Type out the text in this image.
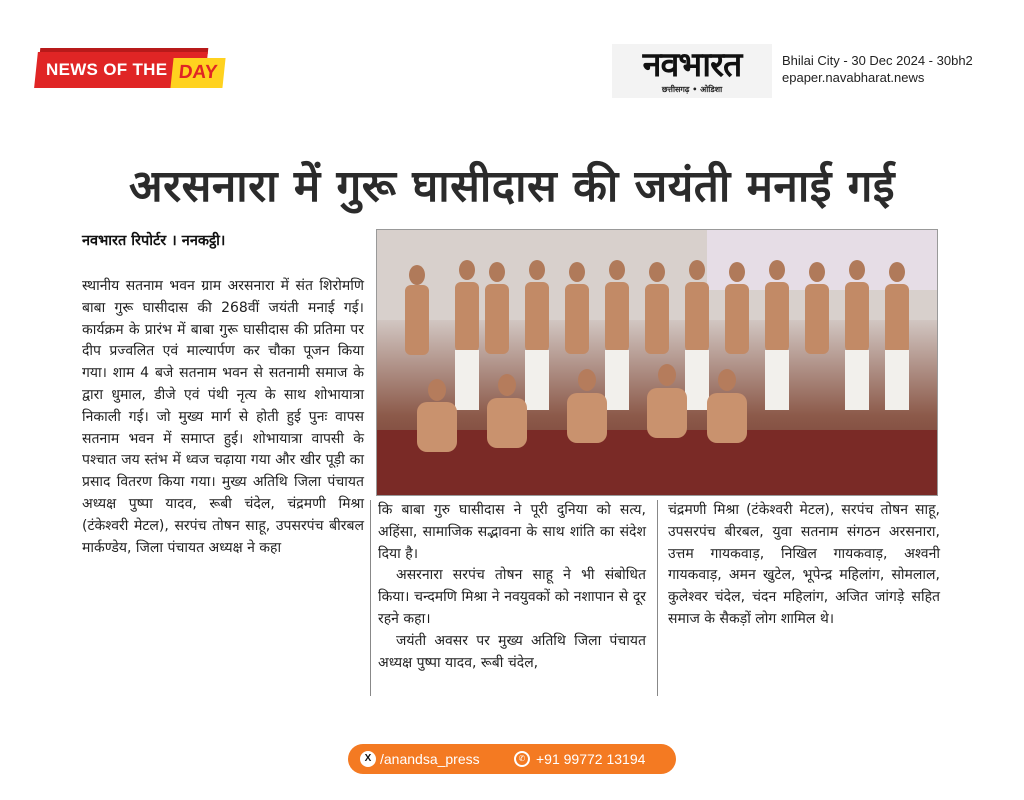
NEWS OF THE DAY	नवभारत
छत्तीसगढ़ • ओडिशा
Bhilai City - 30 Dec 2024 - 30bh2
epaper.navabharat.news
अरसनारा में गुरू घासीदास की जयंती मनाई गई
नवभारत रिपोर्टर । ननकट्ठी।

स्थानीय सतनाम भवन ग्राम अरसनारा में संत शिरोमणि बाबा गुरू घासीदास की 268वीं जयंती मनाई गई। कार्यक्रम के प्रारंभ में बाबा गुरू घासीदास की प्रतिमा पर दीप प्रज्वलित एवं माल्यार्पण कर चौका पूजन किया गया। शाम 4 बजे सतनाम भवन से सतनामी समाज के द्वारा धुमाल, डीजे एवं पंथी नृत्य के साथ शोभायात्रा निकाली गई। जो मुख्य मार्ग से होती हुई पुनः वापस सतनाम भवन में समाप्त हुई। शोभायात्रा वापसी के पश्चात जय स्तंभ में ध्वज चढ़ाया गया और खीर पूड़ी का प्रसाद वितरण किया गया। मुख्य अतिथि जिला पंचायत अध्यक्ष पुष्पा यादव, रूबी चंदेल, चंद्रमणी मिश्रा (टंकेश्वरी मेटल), सरपंच तोषन साहू, उपसरपंच बीरबल मार्कण्डेय, जिला पंचायत अध्यक्ष ने कहा

कि बाबा गुरु घासीदास ने पूरी दुनिया को सत्य, अहिंसा, सामाजिक सद्भावना के साथ शांति का संदेश दिया है।

असरनारा सरपंच तोषन साहू ने भी संबोधित किया। चन्दमणि मिश्रा ने नवयुवकों को नशापान से दूर रहने कहा।

जयंती अवसर पर मुख्य अतिथि जिला पंचायत अध्यक्ष पुष्पा यादव, रूबी चंदेल,

चंद्रमणी मिश्रा (टंकेश्वरी मेटल), सरपंच तोषन साहू, उपसरपंच बीरबल, युवा सतनाम संगठन अरसनारा, उत्तम गायकवाड़, निखिल गायकवाड़, अश्वनी गायकवाड़, अमन खुटेल, भूपेन्द्र महिलांग, सोमलाल, कुलेश्वर चंदेल, चंदन महिलांग, अजित जांगड़े सहित समाज के सैकड़ों लोग शामिल थे।

X /anandsa_press	✆ +91 99772 13194
